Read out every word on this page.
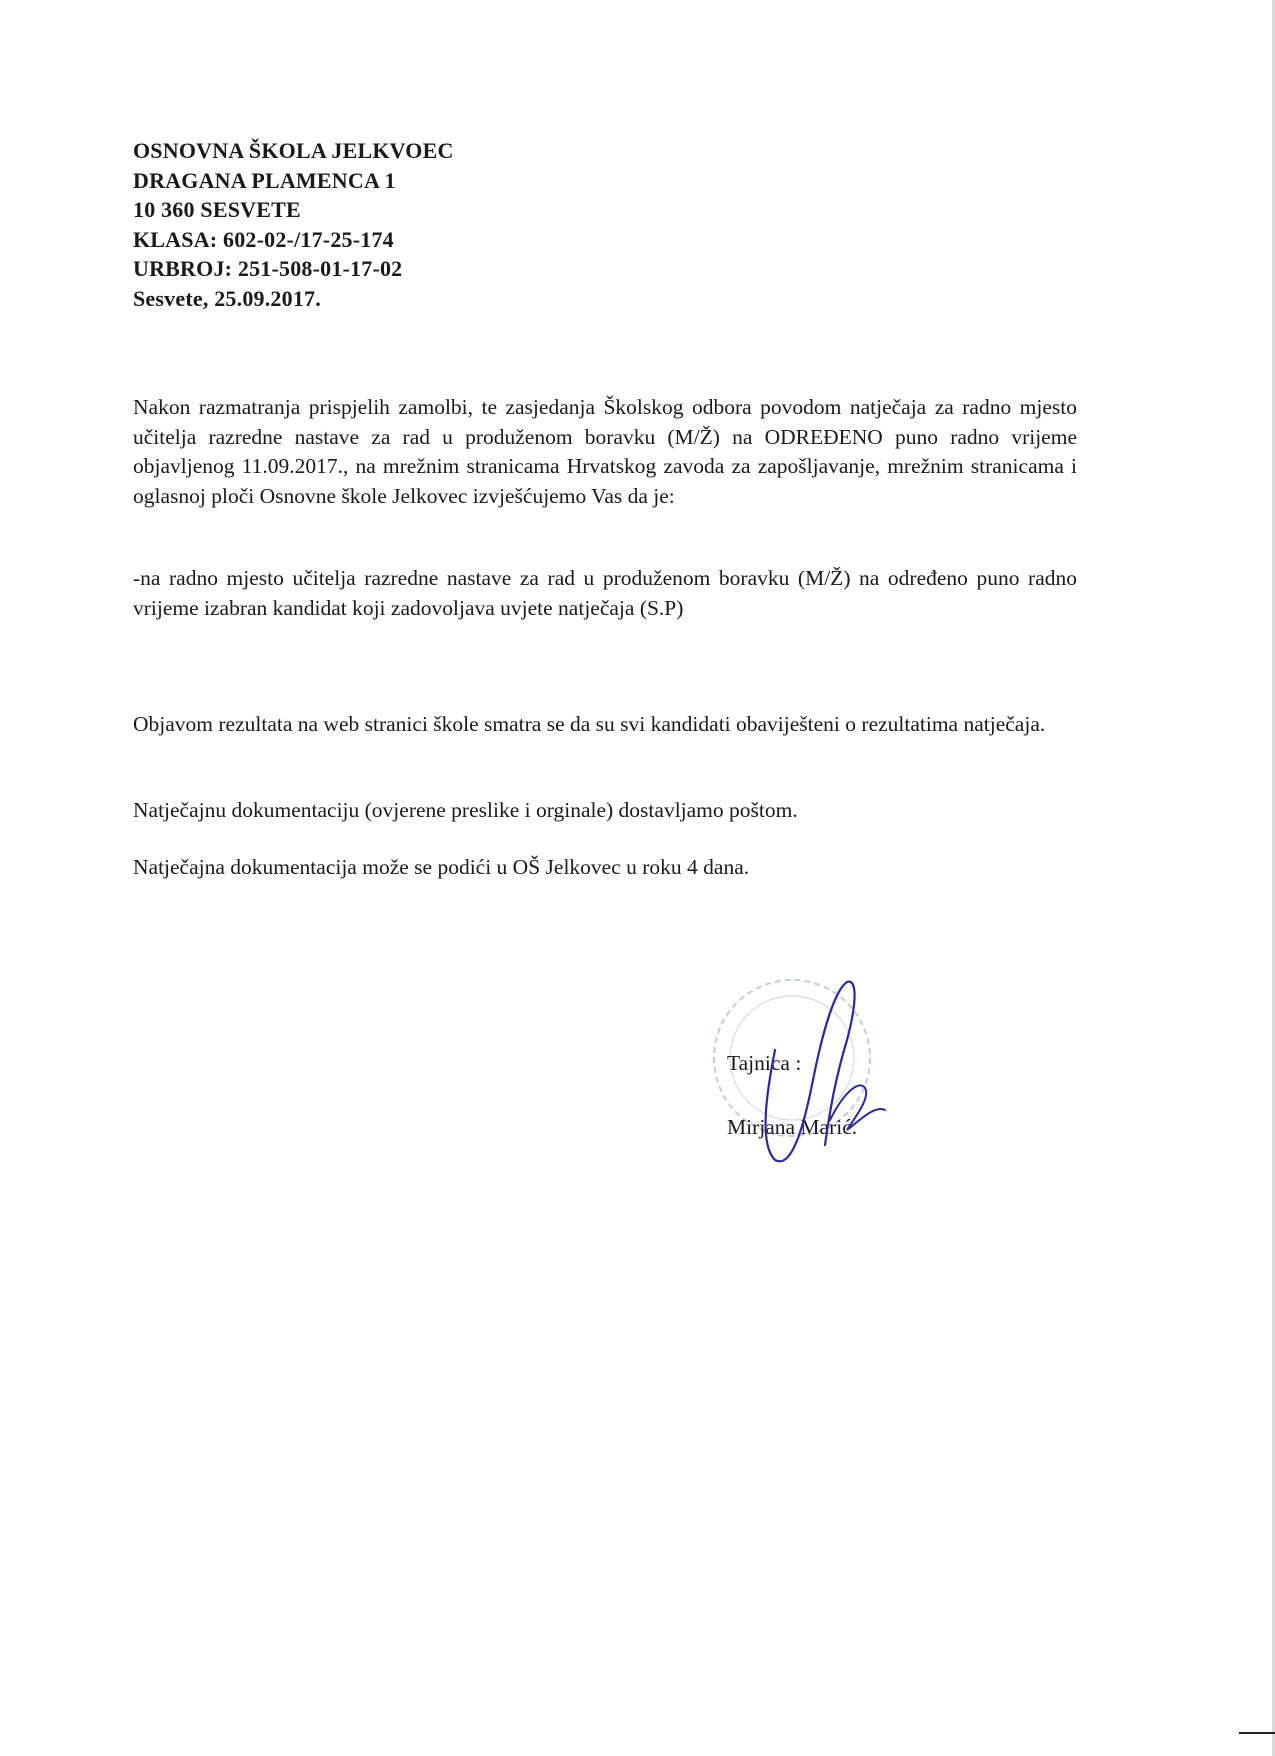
OSNOVNA ŠKOLA JELKVOEC
DRAGANA PLAMENCA 1
10 360 SESVETE
KLASA: 602-02-/17-25-174
URBROJ: 251-508-01-17-02
Sesvete, 25.09.2017.
Nakon razmatranja prispjelih zamolbi, te zasjedanja Školskog odbora povodom natječaja za radno mjesto učitelja razredne nastave za rad u produženom boravku (M/Ž) na ODREĐENO puno radno vrijeme objavljenog 11.09.2017., na mrežnim stranicama Hrvatskog zavoda za zapošljavanje, mrežnim stranicama i oglasnoj ploči Osnovne škole Jelkovec izvješćujemo Vas da je:
-na radno mjesto učitelja razredne nastave za rad u produženom boravku (M/Ž) na određeno puno radno vrijeme izabran kandidat koji zadovoljava uvjete natječaja (S.P)
Objavom rezultata na web stranici škole smatra se da su svi kandidati obaviješteni o rezultatima natječaja.
Natječajnu dokumentaciju (ovjerene preslike i orginale) dostavljamo poštom.
Natječajna dokumentacija može se podići u OŠ Jelkovec u roku 4 dana.
Tajnica :
Mirjana Marić.
